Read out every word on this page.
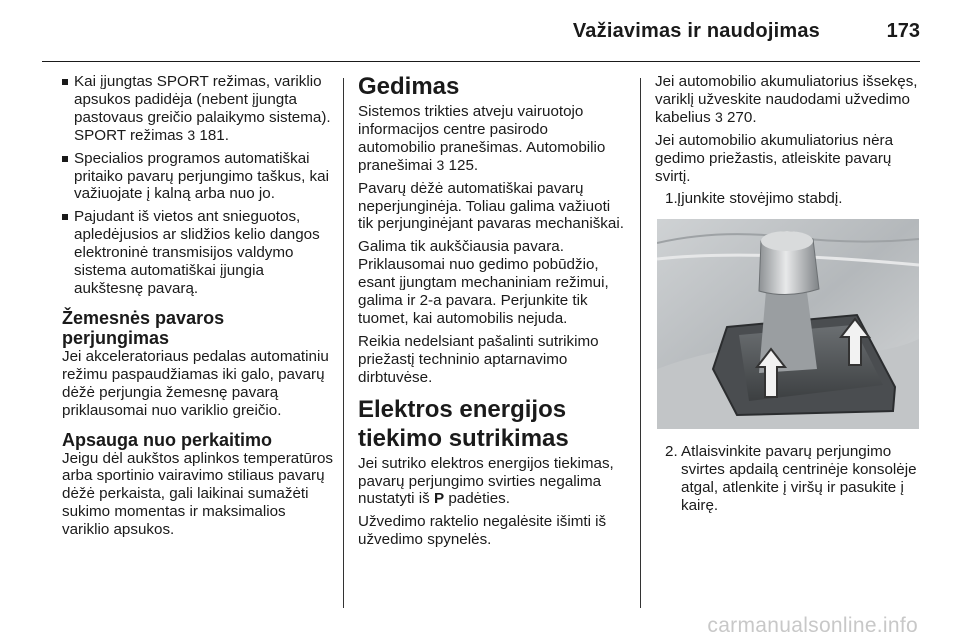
Važiavimas ir naudojimas	173
Kai įjungtas SPORT režimas, variklio apsukos padidėja (nebent įjungta pastovaus greičio palaikymo sistema). SPORT režimas 3 181.
Specialios programos automatiškai pritaiko pavarų perjungimo taškus, kai važiuojate į kalną arba nuo jo.
Pajudant iš vietos ant snieguotos, apledėjusios ar slidžios kelio dangos elektroninė transmisijos valdymo sistema automatiškai įjungia aukštesnę pavarą.
Žemesnės pavaros perjungimas

Jei akceleratoriaus pedalas automatiniu režimu paspaudžiamas iki galo, pavarų dėžė perjungia žemesnę pavarą priklausomai nuo variklio greičio.

Apsauga nuo perkaitimo

Jeigu dėl aukštos aplinkos temperatūros arba sportinio vairavimo stiliaus pavarų dėžė perkaista, gali laikinai sumažėti sukimo momentas ir maksimalios variklio apsukos.

Gedimas

Sistemos trikties atveju vairuotojo informacijos centre pasirodo automobilio pranešimas. Automobilio pranešimai 3 125.

Pavarų dėžė automatiškai pavarų neperjunginėja. Toliau galima važiuoti tik perjunginėjant pavaras mechaniškai.

Galima tik aukščiausia pavara. Priklausomai nuo gedimo pobūdžio, esant įjungtam mechaniniam režimui, galima ir 2-a pavara. Perjunkite tik tuomet, kai automobilis nejuda.

Reikia nedelsiant pašalinti sutrikimo priežastį techninio aptarnavimo dirbtuvėse.

Elektros energijos tiekimo sutrikimas

Jei sutriko elektros energijos tiekimas, pavarų perjungimo svirties negalima nustatyti iš P padėties.

Užvedimo raktelio negalėsite išimti iš užvedimo spynelės.

Jei automobilio akumuliatorius išsekęs, variklį užveskite naudodami užvedimo kabelius 3 270.

Jei automobilio akumuliatorius nėra gedimo priežastis, atleiskite pavarų svirtį.

1. Įjunkite stovėjimo stabdį.
2. Atlaisvinkite pavarų perjungimo svirtes apdailą centrinėje konsolėje atgal, atlenkite į viršų ir pasukite į kairę.
carmanualsonline.info
